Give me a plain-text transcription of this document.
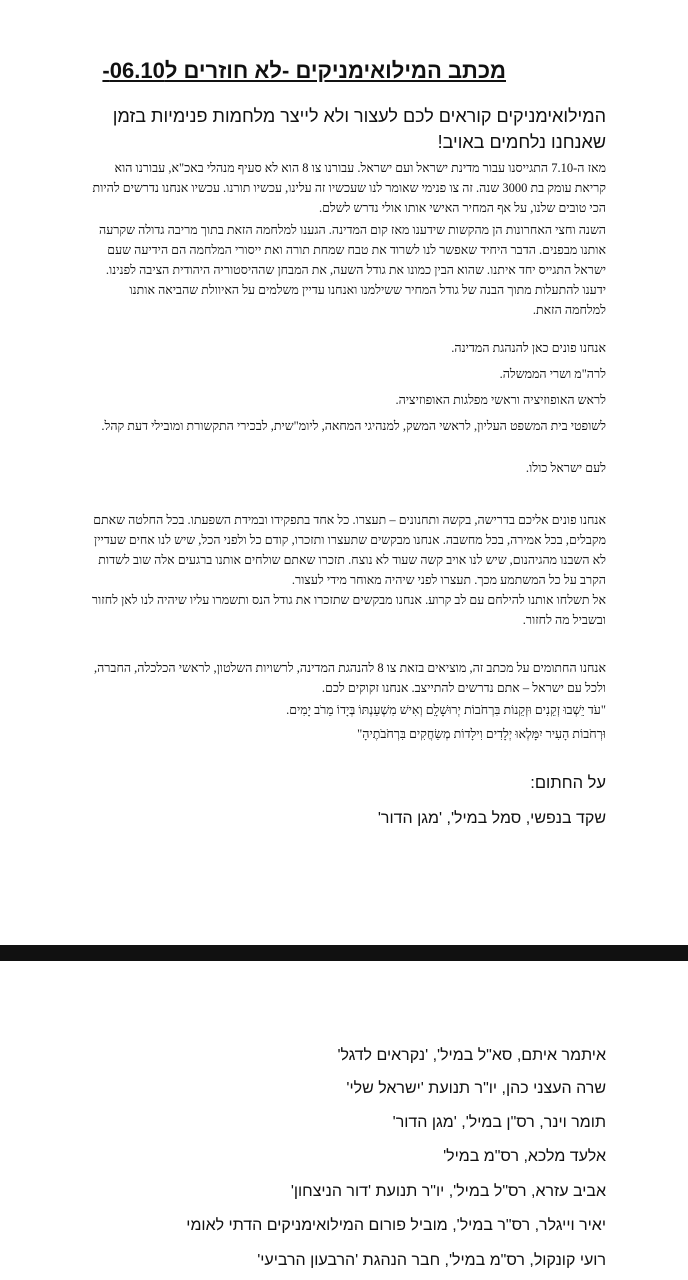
מכתב המילואימניקים -לא חוזרים ל06.10-
המילואימניקים קוראים לכם לעצור ולא לייצר מלחמות פנימיות בזמן שאנחנו נלחמים באויב!
מאז ה-7.10 התגייסנו עבור מדינת ישראל ועם ישראל. עבורנו צו 8 הוא לא סעיף מנהלי באכ"א, עבורנו הוא קריאת עומק בת 3000 שנה. זה צו פנימי שאומר לנו שעכשיו זה עלינו, עכשיו תורנו. עכשיו אנחנו נדרשים להיות הכי טובים שלנו, על אף המחיר האישי אותו אולי נדרש לשלם.
השנה וחצי האחרונות הן מהקשות שידענו מאז קום המדינה. הגענו למלחמה הזאת בתוך מריבה גדולה שקרעה אותנו מבפנים. הדבר היחיד שאפשר לנו לשרוד את טבח שמחת תורה ואת ייסורי המלחמה הם הידיעה שעם ישראל התגייס יחד איתנו. שהוא הבין כמונו את גודל השעה, את המבחן שההיסטוריה היהודית הציבה לפנינו. ידענו להתעלות מתוך הבנה של גודל המחיר ששילמנו ואנחנו עדיין משלמים על האיוולת שהביאה אותנו למלחמה הזאת.
אנחנו פונים כאן להנהגת המדינה.
לרה"מ ושרי הממשלה.
לראש האופוזיציה וראשי מפלגות האופוזיציה.
לשופטי בית המשפט העליון, לראשי המשק, למנהיגי המחאה, ליומ"שית, לבכירי התקשורת ומובילי דעת קהל.
לעם ישראל כולו.
אנחנו פונים אליכם בדרישה, בקשה ותחנונים – תעצרו. כל אחד בתפקידו ובמידת השפעתו. בכל החלטה שאתם מקבלים, בכל אמירה, בכל מחשבה. אנחנו מבקשים שתעצרו ותזכרו, קודם כל ולפני הכל, שיש לנו אחים שעדיין לא השבנו מהגיהנום, שיש לנו אויב קשה שעוד לא נוצח. תזכרו שאתם שולחים אותנו ברגעים אלה שוב לשדות הקרב על כל המשתמע מכך. תעצרו לפני שיהיה מאוחר מידי לעצור.
אל תשלחו אותנו להילחם עם לב קרוע. אנחנו מבקשים שתזכרו את גודל הנס ותשמרו עליו שיהיה לנו לאן לחזור ובשביל מה לחזור.
אנחנו החתומים על מכתב זה, מוציאים בזאת צו 8 להנהגת המדינה, לרשויות השלטון, לראשי הכלכלה, החברה, ולכל עם ישראל – אתם נדרשים להתייצב. אנחנו זקוקים לכם.
"עֹד יֵשְׁבוּ זְקֵנִים וּזְקֵנוֹת בִּרְחֹבוֹת יְרוּשָׁלִָם וְאִישׁ מִשְׁעַנְתּוֹ בְּיָדוֹ מֵרֹב יָמִים.
וּרְחֹבוֹת הָעִיר יִמָּלְאוּ יְלָדִים וִילָדוֹת מְשַׂחֲקִים בִּרְחֹבֹתֶיהָ"
על החתום:
שקד בנפשי, סמל במיל', 'מגן הדור'
איתמר איתם, סא"ל במיל', 'נקראים לדגל'
שרה העצני כהן, יו"ר תנועת 'ישראל שלי'
תומר וינר, רס"ן במיל', 'מגן הדור'
אלעד מלכא, רס"מ במיל'
אביב עזרא, רס"ל במיל', יו"ר תנועת 'דור הניצחון'
יאיר וייגלר, רס"ר במיל', מוביל פורום המילואימניקים הדתי לאומי
רועי קונקול, רס"מ במיל', חבר הנהגת 'הרבעון הרביעי'
